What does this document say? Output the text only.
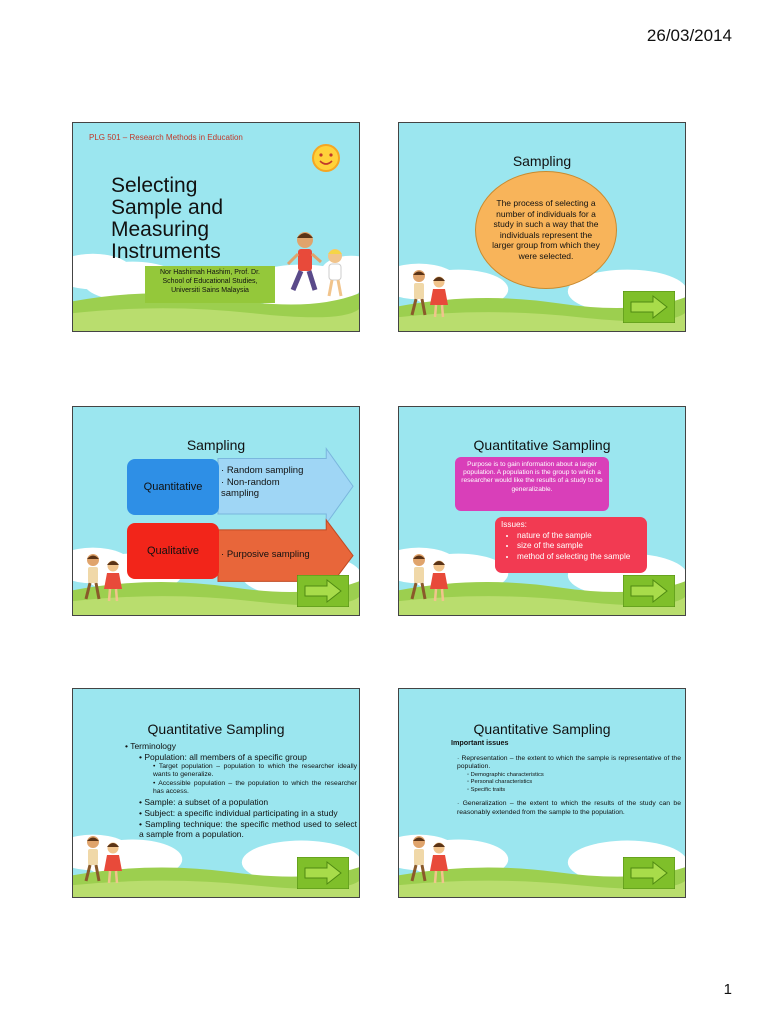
26/03/2014
PLG 501 – Research Methods in Education
Selecting
Sample and
Measuring
Instruments
Nor Hashimah Hashim, Prof. Dr.
School of Educational Studies,
Universiti Sains Malaysia
Sampling
The process of selecting a number of individuals for a study in such a way that the individuals represent the larger group from which they were selected.
Sampling
Quantitative
· Random sampling
· Non-random sampling
Qualitative	· Purposive sampling
Quantitative Sampling
Purpose is to gain information about a larger population. A population is the group to which a researcher would like the results of a study to be generalizable.
Issues:
• nature of the sample
• size of the sample
• method of selecting the sample
Quantitative Sampling
• Terminology
• Population: all members of a specific group
• Target population – population to which the researcher ideally wants to generalize.
• Accessible population – the population to which the researcher has access.
• Sample: a subset of a population
• Subject: a specific individual participating in a study
• Sampling technique: the specific method used to select a sample from a population.
Quantitative Sampling
Important issues
· Representation – the extent to which the sample is representative of the population.
◦ Demographic characteristics
◦ Personal characteristics
◦ Specific traits
· Generalization – the extent to which the results of the study can be reasonably extended from the sample to the population.
1
